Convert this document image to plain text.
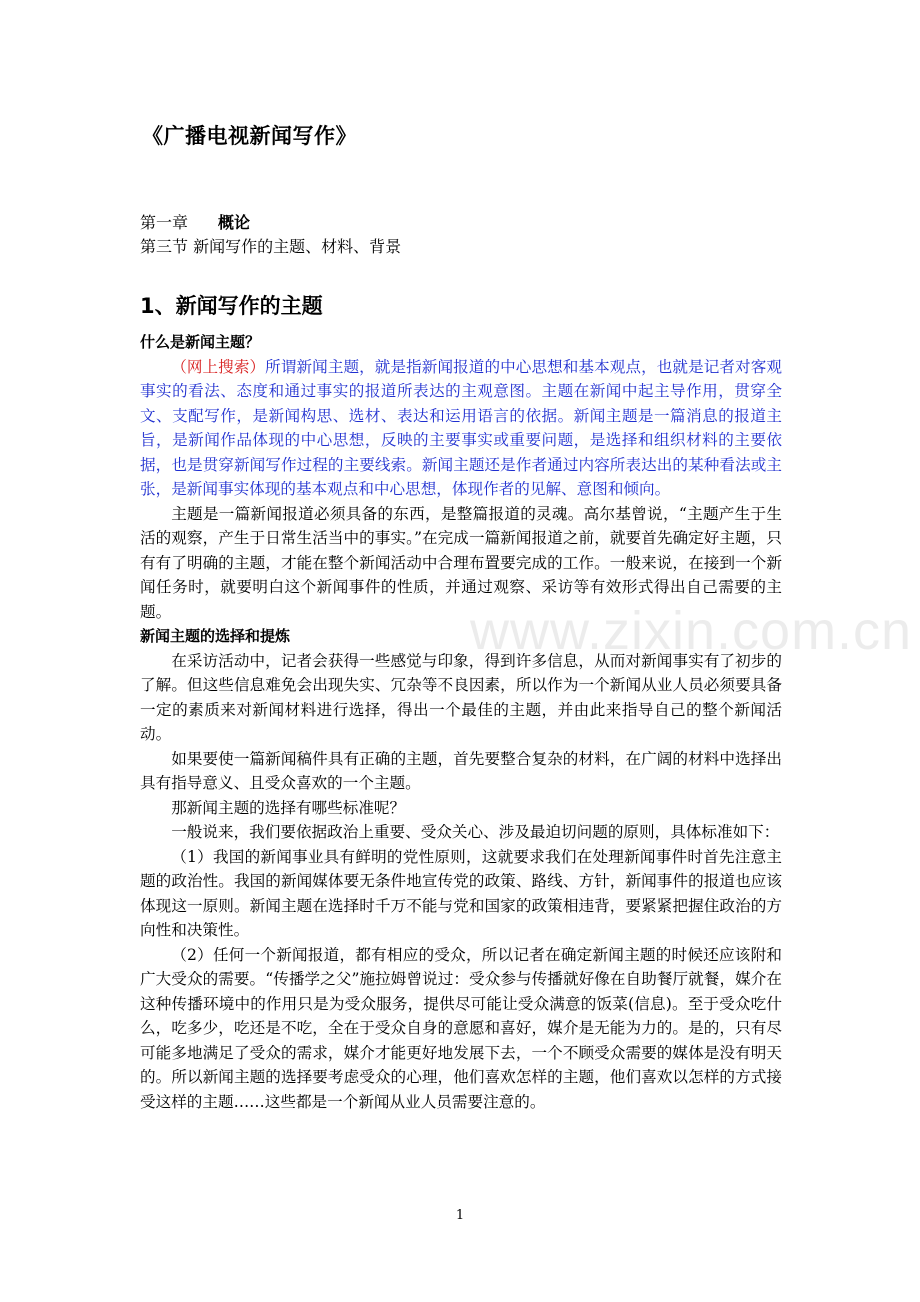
《广播电视新闻写作》
第一章 概论
第三节 新闻写作的主题、材料、背景
1、新闻写作的主题

什么是新闻主题？

（网上搜索）所谓新闻主题，就是指新闻报道的中心思想和基本观点，也就是记者对客观事实的看法、态度和通过事实的报道所表达的主观意图。主题在新闻中起主导作用，贯穿全文、支配写作，是新闻构思、选材、表达和运用语言的依据。新闻主题是一篇消息的报道主旨，是新闻作品体现的中心思想，反映的主要事实或重要问题，是选择和组织材料的主要依据，也是贯穿新闻写作过程的主要线索。新闻主题还是作者通过内容所表达出的某种看法或主张，是新闻事实体现的基本观点和中心思想，体现作者的见解、意图和倾向。

主题是一篇新闻报道必须具备的东西，是整篇报道的灵魂。高尔基曾说，“主题产生于生活的观察，产生于日常生活当中的事实。”在完成一篇新闻报道之前，就要首先确定好主题，只有有了明确的主题，才能在整个新闻活动中合理布置要完成的工作。一般来说，在接到一个新闻任务时，就要明白这个新闻事件的性质，并通过观察、采访等有效形式得出自己需要的主题。

新闻主题的选择和提炼

在采访活动中，记者会获得一些感觉与印象，得到许多信息，从而对新闻事实有了初步的了解。但这些信息难免会出现失实、冗杂等不良因素，所以作为一个新闻从业人员必须要具备一定的素质来对新闻材料进行选择，得出一个最佳的主题，并由此来指导自己的整个新闻活动。

如果要使一篇新闻稿件具有正确的主题，首先要整合复杂的材料，在广阔的材料中选择出具有指导意义、且受众喜欢的一个主题。

那新闻主题的选择有哪些标准呢？

一般说来，我们要依据政治上重要、受众关心、涉及最迫切问题的原则，具体标准如下：

（1）我国的新闻事业具有鲜明的党性原则，这就要求我们在处理新闻事件时首先注意主题的政治性。我国的新闻媒体要无条件地宣传党的政策、路线、方针，新闻事件的报道也应该体现这一原则。新闻主题在选择时千万不能与党和国家的政策相违背，要紧紧把握住政治的方向性和决策性。

（2）任何一个新闻报道，都有相应的受众，所以记者在确定新闻主题的时候还应该附和广大受众的需要。“传播学之父”施拉姆曾说过：受众参与传播就好像在自助餐厅就餐，媒介在这种传播环境中的作用只是为受众服务，提供尽可能让受众满意的饭菜(信息)。至于受众吃什么，吃多少，吃还是不吃，全在于受众自身的意愿和喜好，媒介是无能为力的。是的，只有尽可能多地满足了受众的需求，媒介才能更好地发展下去，一个不顾受众需要的媒体是没有明天的。所以新闻主题的选择要考虑受众的心理，他们喜欢怎样的主题，他们喜欢以怎样的方式接受这样的主题……这些都是一个新闻从业人员需要注意的。

www.zixin.com.cn
1
